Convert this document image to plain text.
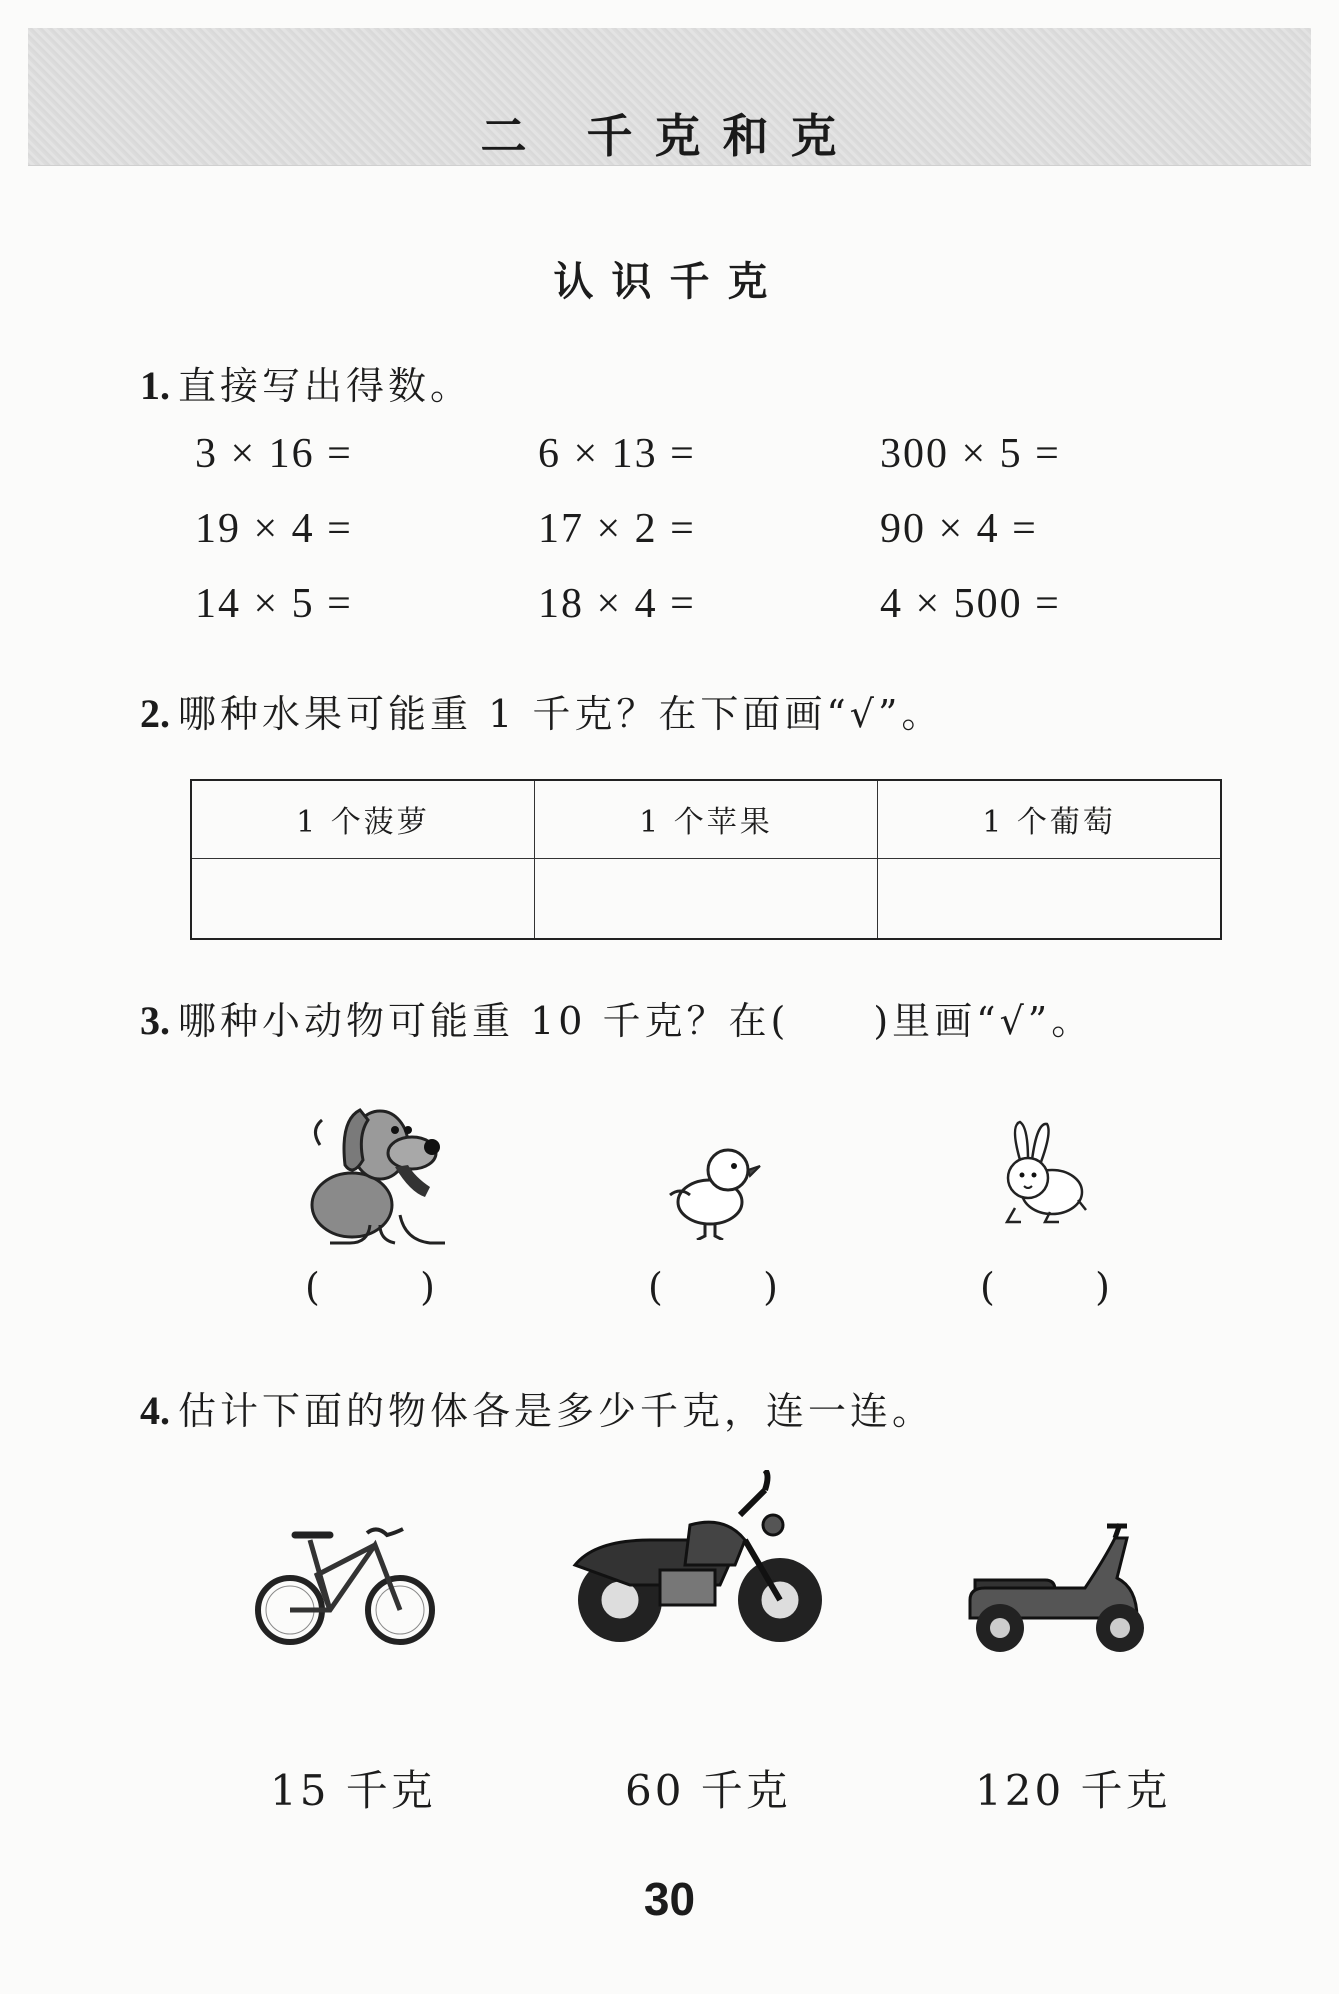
二 千克和克
认识千克
1. 直接写出得数。
3 × 16 =	6 × 13 =	300 × 5 =
19 × 4 =	17 × 2 =	90 × 4 =
14 × 5 =	18 × 4 =	4 × 500 =
2. 哪种水果可能重 1 千克？在下面画“√”。
1 个菠萝	1 个苹果	1 个葡萄

3. 哪种小动物可能重 10 千克？在(　　)里画“√”。
(	)	(	)	(	)
4. 估计下面的物体各是多少千克，连一连。
15 千克	60 千克	120 千克
30
